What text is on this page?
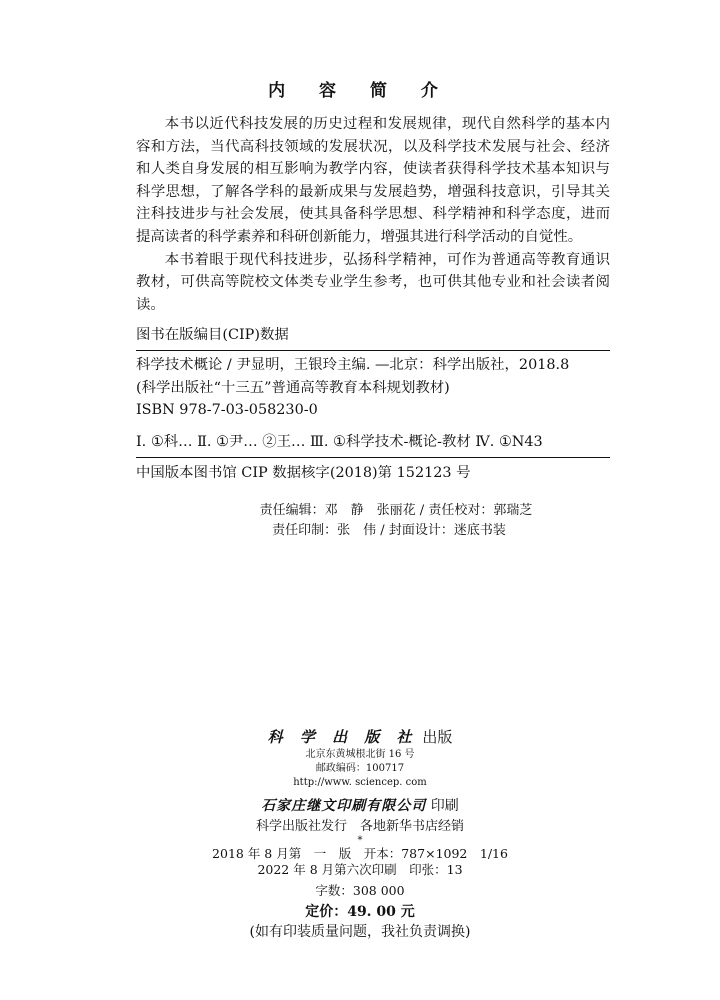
内 容 简 介

本书以近代科技发展的历史过程和发展规律，现代自然科学的基本内容和方法，当代高科技领域的发展状况，以及科学技术发展与社会、经济和人类自身发展的相互影响为教学内容，使读者获得科学技术基本知识与科学思想，了解各学科的最新成果与发展趋势，增强科技意识，引导其关注科技进步与社会发展，使其具备科学思想、科学精神和科学态度，进而提高读者的科学素养和科研创新能力，增强其进行科学活动的自觉性。

本书着眼于现代科技进步，弘扬科学精神，可作为普通高等教育通识教材，可供高等院校文体类专业学生参考，也可供其他专业和社会读者阅读。

图书在版编目(CIP)数据
科学技术概论 / 尹显明，王银玲主编. —北京：科学出版社，2018.8
(科学出版社“十三五”普通高等教育本科规划教材)
ISBN 978-7-03-058230-0
Ⅰ. ①科… Ⅱ. ①尹… ②王… Ⅲ. ①科学技术-概论-教材 Ⅳ. ①N43
中国版本图书馆 CIP 数据核字(2018)第 152123 号
责任编辑：邓　静　张丽花 / 责任校对：郭瑞芝
责任印制：张　伟 / 封面设计：迷底书装
科 学 出 版 社 出版
北京东黄城根北街 16 号
邮政编码：100717
http://www. sciencep. com
石家庄继文印刷有限公司 印刷
科学出版社发行　各地新华书店经销
*
2018 年 8 月第　一　版　开本：787×1092　1/16
2022 年 8 月第六次印刷　印张：13
字数：308 000
定价：49. 00 元
(如有印装质量问题，我社负责调换)
